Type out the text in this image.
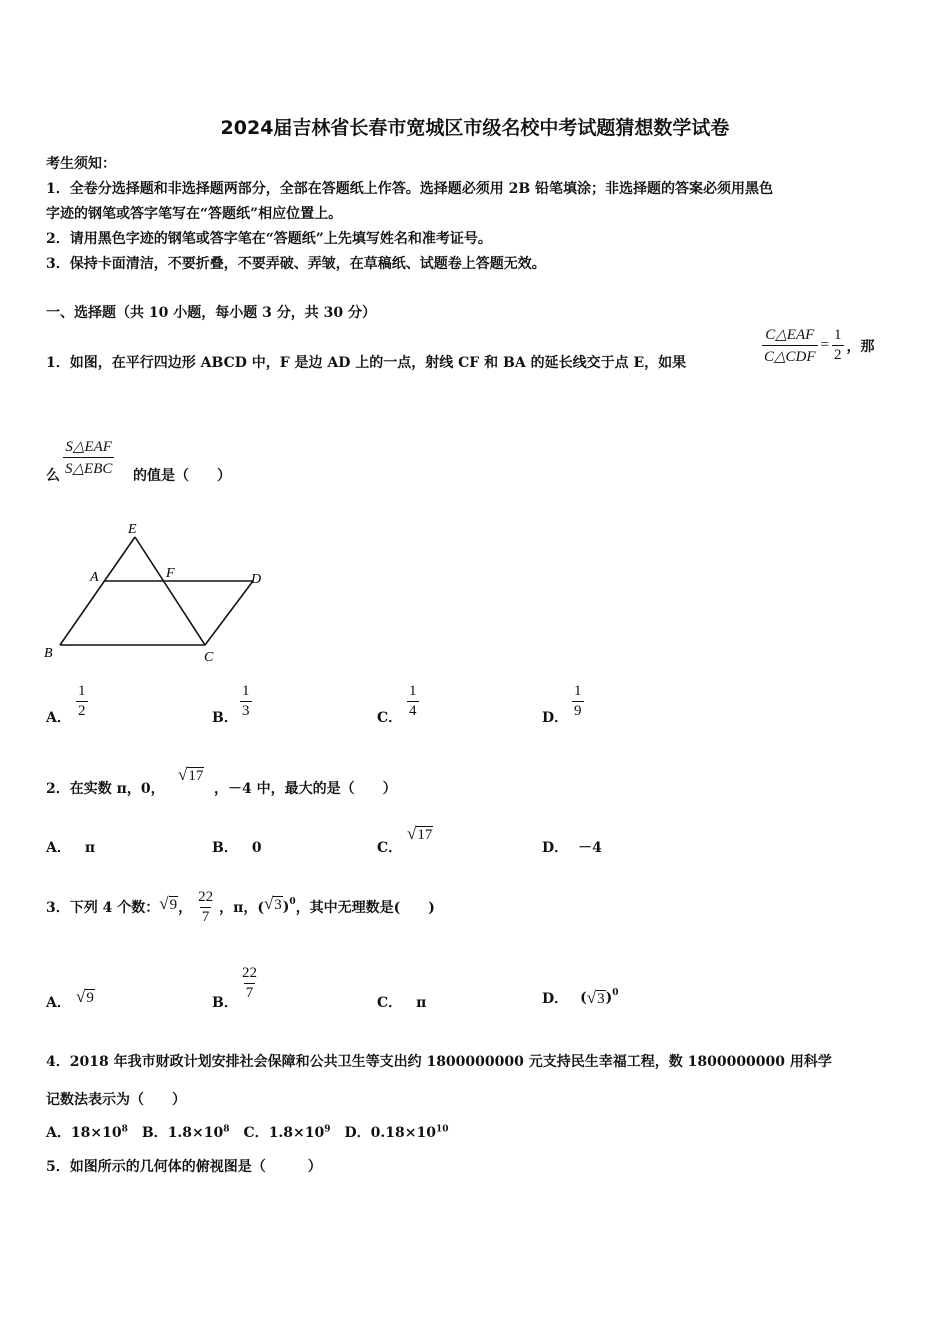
2024届吉林省长春市宽城区市级名校中考试题猜想数学试卷
考生须知：
1．全卷分选择题和非选择题两部分，全部在答题纸上作答。选择题必须用 2B 铅笔填涂；非选择题的答案必须用黑色
字迹的钢笔或答字笔写在“答题纸”相应位置上。
2．请用黑色字迹的钢笔或答字笔在“答题纸”上先填写姓名和准考证号。
3．保持卡面清洁，不要折叠，不要弄破、弄皱，在草稿纸、试题卷上答题无效。
一、选择题（共 10 小题，每小题 3 分，共 30 分）
1．如图，在平行四边形 ABCD 中，F 是边 AD 上的一点，射线 CF 和 BA 的延长线交于点 E，如果	$\frac{\text{C△EAF}}{\text{C△CDF}} = \frac{1}{2}$ ，那
么 $\frac{\text{S△EAF}}{\text{S△EBC}}$ 的值是（　　）
E
A	F	D
B	C
A． $\frac{1}{2}$	B． $\frac{1}{3}$	C． $\frac{1}{4}$	D． $\frac{1}{9}$
2．在实数 π，0，
√ 17
，－4 中，最大的是（　　）
A． π	B． 0	C．
√ 17
D． －4
3．下列 4 个数： √ 9 ， $\frac{22}{7}$ ，π，( √ 3 )$^0$ ，其中无理数是(　　)
A． √ 9	B．
$\frac{22}{7}$
C． π	D． ( √ 3 )$^0$
4．2018 年我市财政计划安排社会保障和公共卫生等支出约 1800000000 元支持民生幸福工程，数 1800000000 用科学
记数法表示为（　　）
A．$18\times 10^8$ B．$1.8\times 10^8$ C．$1.8\times 10^9$ D．$0.18\times 10^{10}$
5．如图所示的几何体的俯视图是（　　　）
